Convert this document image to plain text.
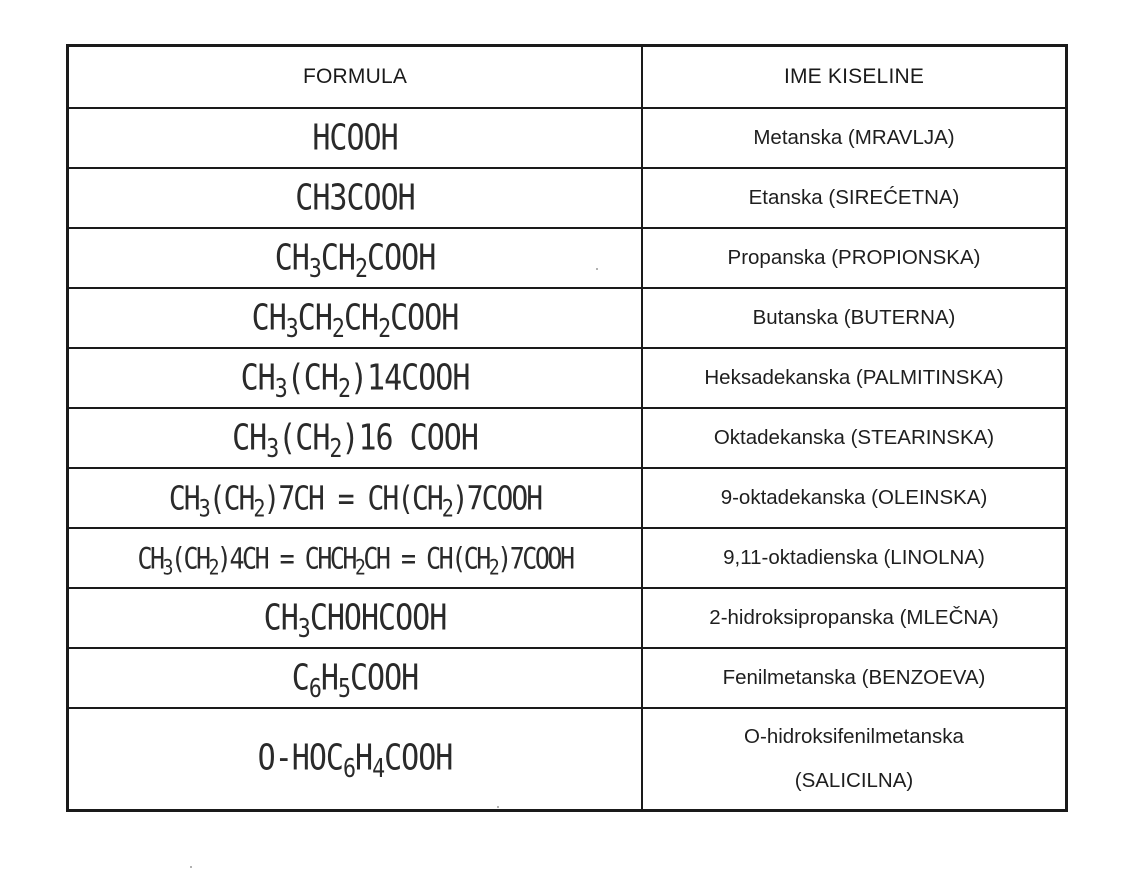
FORMULA	IME KISELINE
HCOOH	Metanska (MRAVLJA)

CH3COOH	Etanska (SIREĆETNA)

$CH_3CH_2COOH$	Propanska (PROPIONSKA)

$CH_3CH_2CH_2COOH$	Butanska (BUTERNA)

$CH_3(CH_2)14COOH$	Heksadekanska (PALMITINSKA)

$CH_3(CH_2)16$ COOH	Oktadekanska (STEARINSKA)

$CH_3(CH_2)7CH$ = $CH(CH_2)7COOH$	9-oktadekanska (OLEINSKA)

$CH_3(CH_2)4CH$ = $CHCH_2CH$ = $CH(CH_2)7COOH$	9,11-oktadienska (LINOLNA)

$CH_3CHOHCOOH$	2-hidroksipropanska (MLEČNA)

$C_6H_5COOH$	Fenilmetanska (BENZOEVA)

$O-HOC_6H_4COOH$	O-hidroksifenilmetanska
(SALICILNA)
